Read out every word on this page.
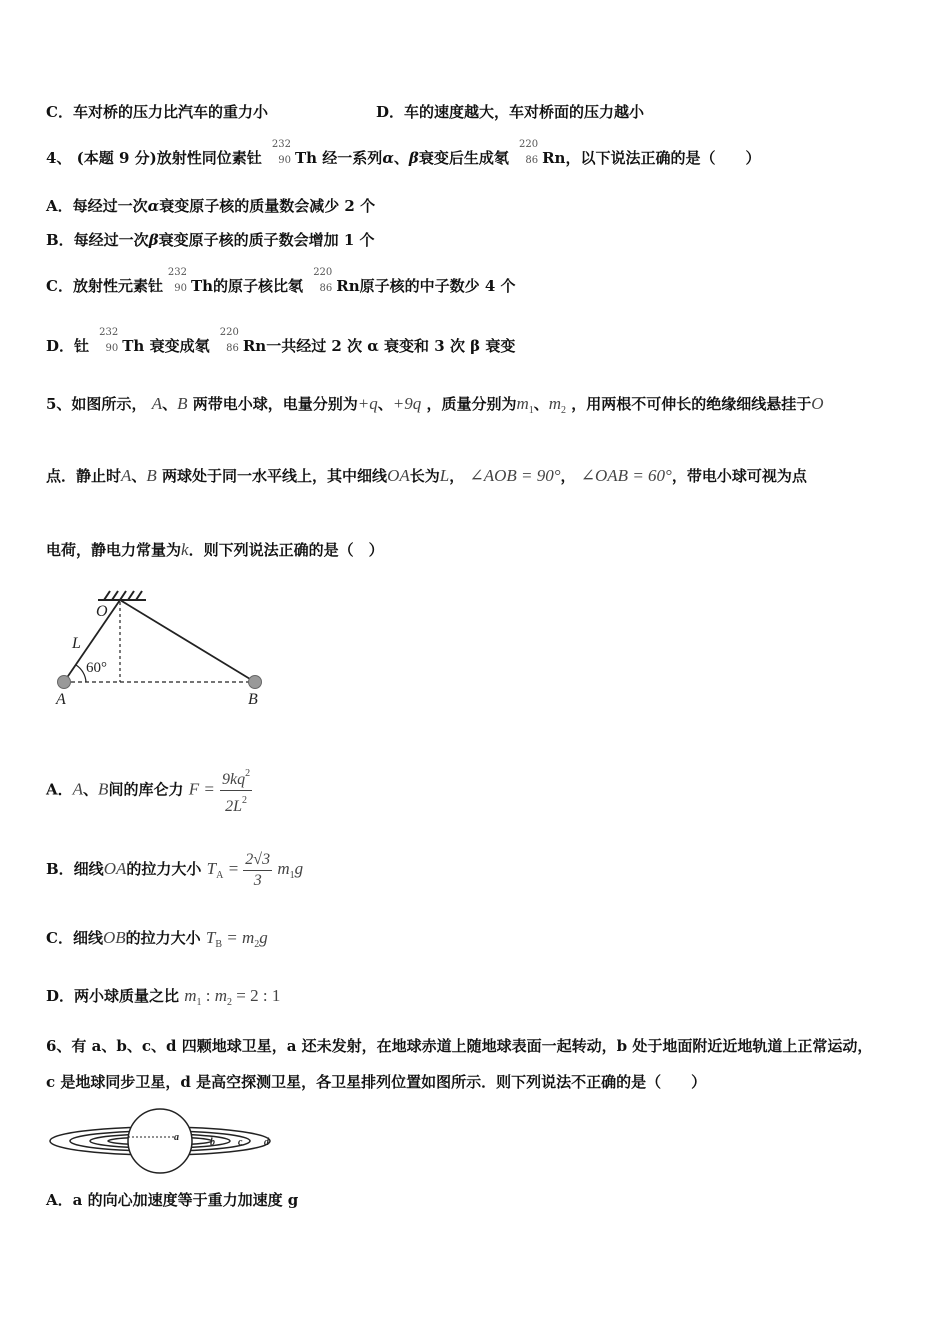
C．车对桥的压力比汽车的重力小	D．车的速度越大，车对桥面的压力越小
4、 (本题 9 分)放射性同位素钍
232
90 Th 经一系列α、β衰变后生成氡
220
86 Rn，以下说法正确的是（　　）
A．每经过一次α衰变原子核的质量数会减少 2 个
B．每经过一次β衰变原子核的质子数会增加 1 个
C．放射性元素钍
232
90 Th的原子核比氡
220
86 Rn原子核的中子数少 4 个
D．钍
232
90 Th 衰变成氡
220
86 Rn一共经过 2 次 α 衰变和 3 次 β 衰变
5、如图所示， A、B 两带电小球，电量分别为+q、+9q ，质量分别为$m_1$、$m_2$ ，用两根不可伸长的绝缘细线悬挂于O
点．静止时A、B 两球处于同一水平线上，其中细线OA长为L， ∠AOB = 90°， ∠OAB = 60°，带电小球可视为点
电荷，静电力常量为k．则下列说法正确的是（　）
O
L
60°
A	B
A．A、B间的库仑力 $F = \frac{9kq^2}{2L^2}$
B．细线OA的拉力大小 $T_A = \frac{2√3}{3} m_1g$
C．细线OB的拉力大小 $T_B = m_2g$
D．两小球质量之比 $m_1$ : $m_2 = 2$ : 1
6、有 a、b、c、d 四颗地球卫星，a 还未发射，在地球赤道上随地球表面一起转动，b 处于地面附近近地轨道上正常运动，
c 是地球同步卫星，d 是高空探测卫星，各卫星排列位置如图所示．则下列说法不正确的是（　　）
a	b c d
A．a 的向心加速度等于重力加速度 g
